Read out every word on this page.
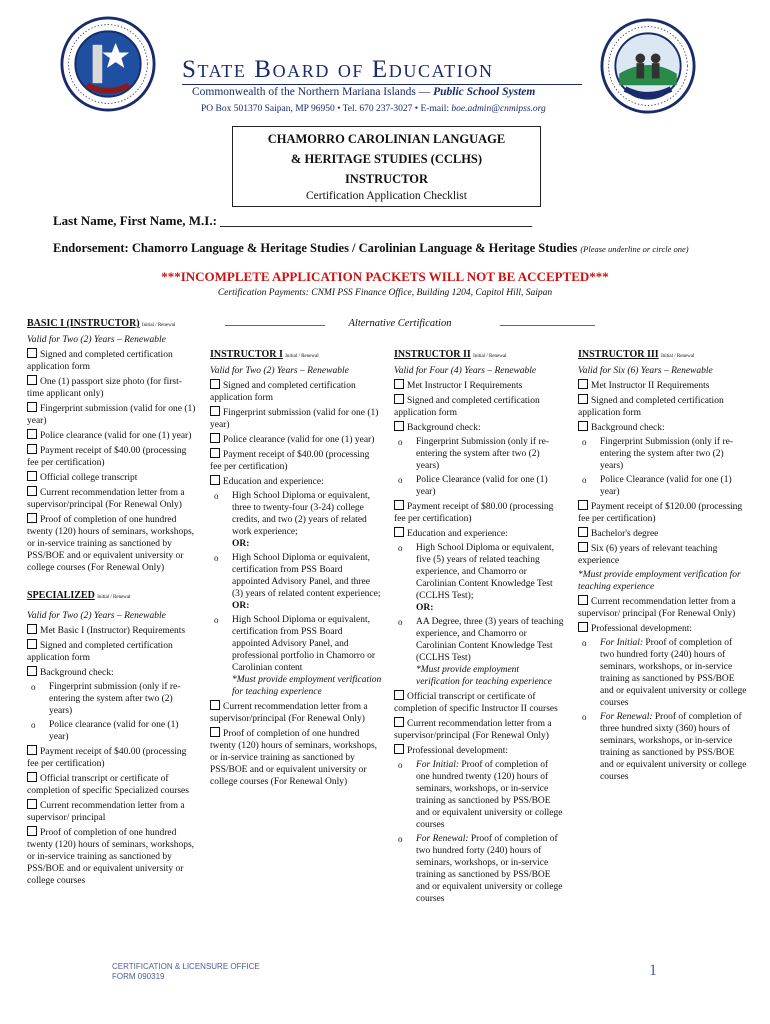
State Board of Education
Commonwealth of the Northern Mariana Islands — Public School System
PO Box 501370 Saipan, MP 96950 • Tel. 670 237-3027 • E-mail: boe.admin@cnmipss.org
CHAMORRO CAROLINIAN LANGUAGE
& HERITAGE STUDIES (CCLHS)
INSTRUCTOR
Certification Application Checklist
Last Name, First Name, M.I.: ________________________________________________
Endorsement: Chamorro Language & Heritage Studies / Carolinian Language & Heritage Studies (Please underline or circle one)
***INCOMPLETE APPLICATION PACKETS WILL NOT BE ACCEPTED***
Certification Payments: CNMI PSS Finance Office, Building 1204, Capitol Hill, Saipan
Alternative Certification

BASIC I (INSTRUCTOR) Initial / Renewal

Valid for Two (2) Years – Renewable

Signed and completed certification application form

One (1) passport size photo (for first-time applicant only)

Fingerprint submission (valid for one (1) year)

Police clearance (valid for one (1) year)

Payment receipt of $40.00 (processing fee per certification)

Official college transcript

Current recommendation letter from a supervisor/principal (For Renewal Only)

Proof of completion of one hundred twenty (120) hours of seminars, workshops, or in-service training as sanctioned by PSS/BOE and or equivalent university or college courses (For Renewal Only)

SPECIALIZED Initial / Renewal

Valid for Two (2) Years – Renewable

Met Basic I (Instructor) Requirements

Signed and completed certification application form

Background check:

o Fingerprint submission (only if re-entering the system after two (2) years)
o Police clearance (valid for one (1) year)

Payment receipt of $40.00 (processing fee per certification)

Official transcript or certificate of completion of specific Specialized courses

Current recommendation letter from a supervisor/ principal

Proof of completion of one hundred twenty (120) hours of seminars, workshops, or in-service training as sanctioned by PSS/BOE and or equivalent university or college courses

INSTRUCTOR I Initial / Renewal

Valid for Two (2) Years – Renewable

Signed and completed certification application form

Fingerprint submission (valid for one (1) year)

Police clearance (valid for one (1) year)

Payment receipt of $40.00 (processing fee per certification)

Education and experience:

o High School Diploma or equivalent, three to twenty-four (3-24) college credits, and two (2) years of related work experience;
OR:
o High School Diploma or equivalent, certification from PSS Board appointed Advisory Panel, and three (3) years of related content experience; OR:
o High School Diploma or equivalent, certification from PSS Board appointed Advisory Panel, and professional portfolio in Chamorro or Carolinian content
*Must provide employment verification for teaching experience

Current recommendation letter from a supervisor/principal (For Renewal Only)

Proof of completion of one hundred twenty (120) hours of seminars, workshops, or in-service training as sanctioned by PSS/BOE and or equivalent university or college courses (For Renewal Only)

INSTRUCTOR II Initial / Renewal

Valid for Four (4) Years – Renewable

Met Instructor I Requirements

Signed and completed certification application form

Background check:

o Fingerprint Submission (only if re-entering the system after two (2) years)
o Police Clearance (valid for one (1) year)

Payment receipt of $80.00 (processing fee per certification)

Education and experience:

o High School Diploma or equivalent, five (5) years of related teaching experience, and Chamorro or Carolinian Content Knowledge Test (CCLHS Test);
OR:
o AA Degree, three (3) years of teaching experience, and Chamorro or Carolinian Content Knowledge Test (CCLHS Test)
*Must provide employment verification for teaching experience

Official transcript or certificate of completion of specific Instructor II courses

Current recommendation letter from a supervisor/principal (For Renewal Only)

Professional development:

o For Initial: Proof of completion of one hundred twenty (120) hours of seminars, workshops, or in-service training as sanctioned by PSS/BOE and or equivalent university or college courses
o For Renewal: Proof of completion of two hundred forty (240) hours of seminars, workshops, or in-service training as sanctioned by PSS/BOE and or equivalent university or college courses

INSTRUCTOR III Initial / Renewal

Valid for Six (6) Years – Renewable

Met Instructor II Requirements

Signed and completed certification application form

Background check:

o Fingerprint Submission (only if re-entering the system after two (2) years)
o Police Clearance (valid for one (1) year)

Payment receipt of $120.00 (processing fee per certification)

Bachelor's degree

Six (6) years of relevant teaching experience

*Must provide employment verification for teaching experience

Current recommendation letter from a supervisor/ principal (For Renewal Only)

Professional development:

o For Initial: Proof of completion of two hundred forty (240) hours of seminars, workshops, or in-service training as sanctioned by PSS/BOE and or equivalent university or college courses
o For Renewal: Proof of completion of three hundred sixty (360) hours of seminars, workshops, or in-service training as sanctioned by PSS/BOE and or equivalent university or college courses
CERTIFICATION & LICENSURE OFFICE
FORM 090319	1
